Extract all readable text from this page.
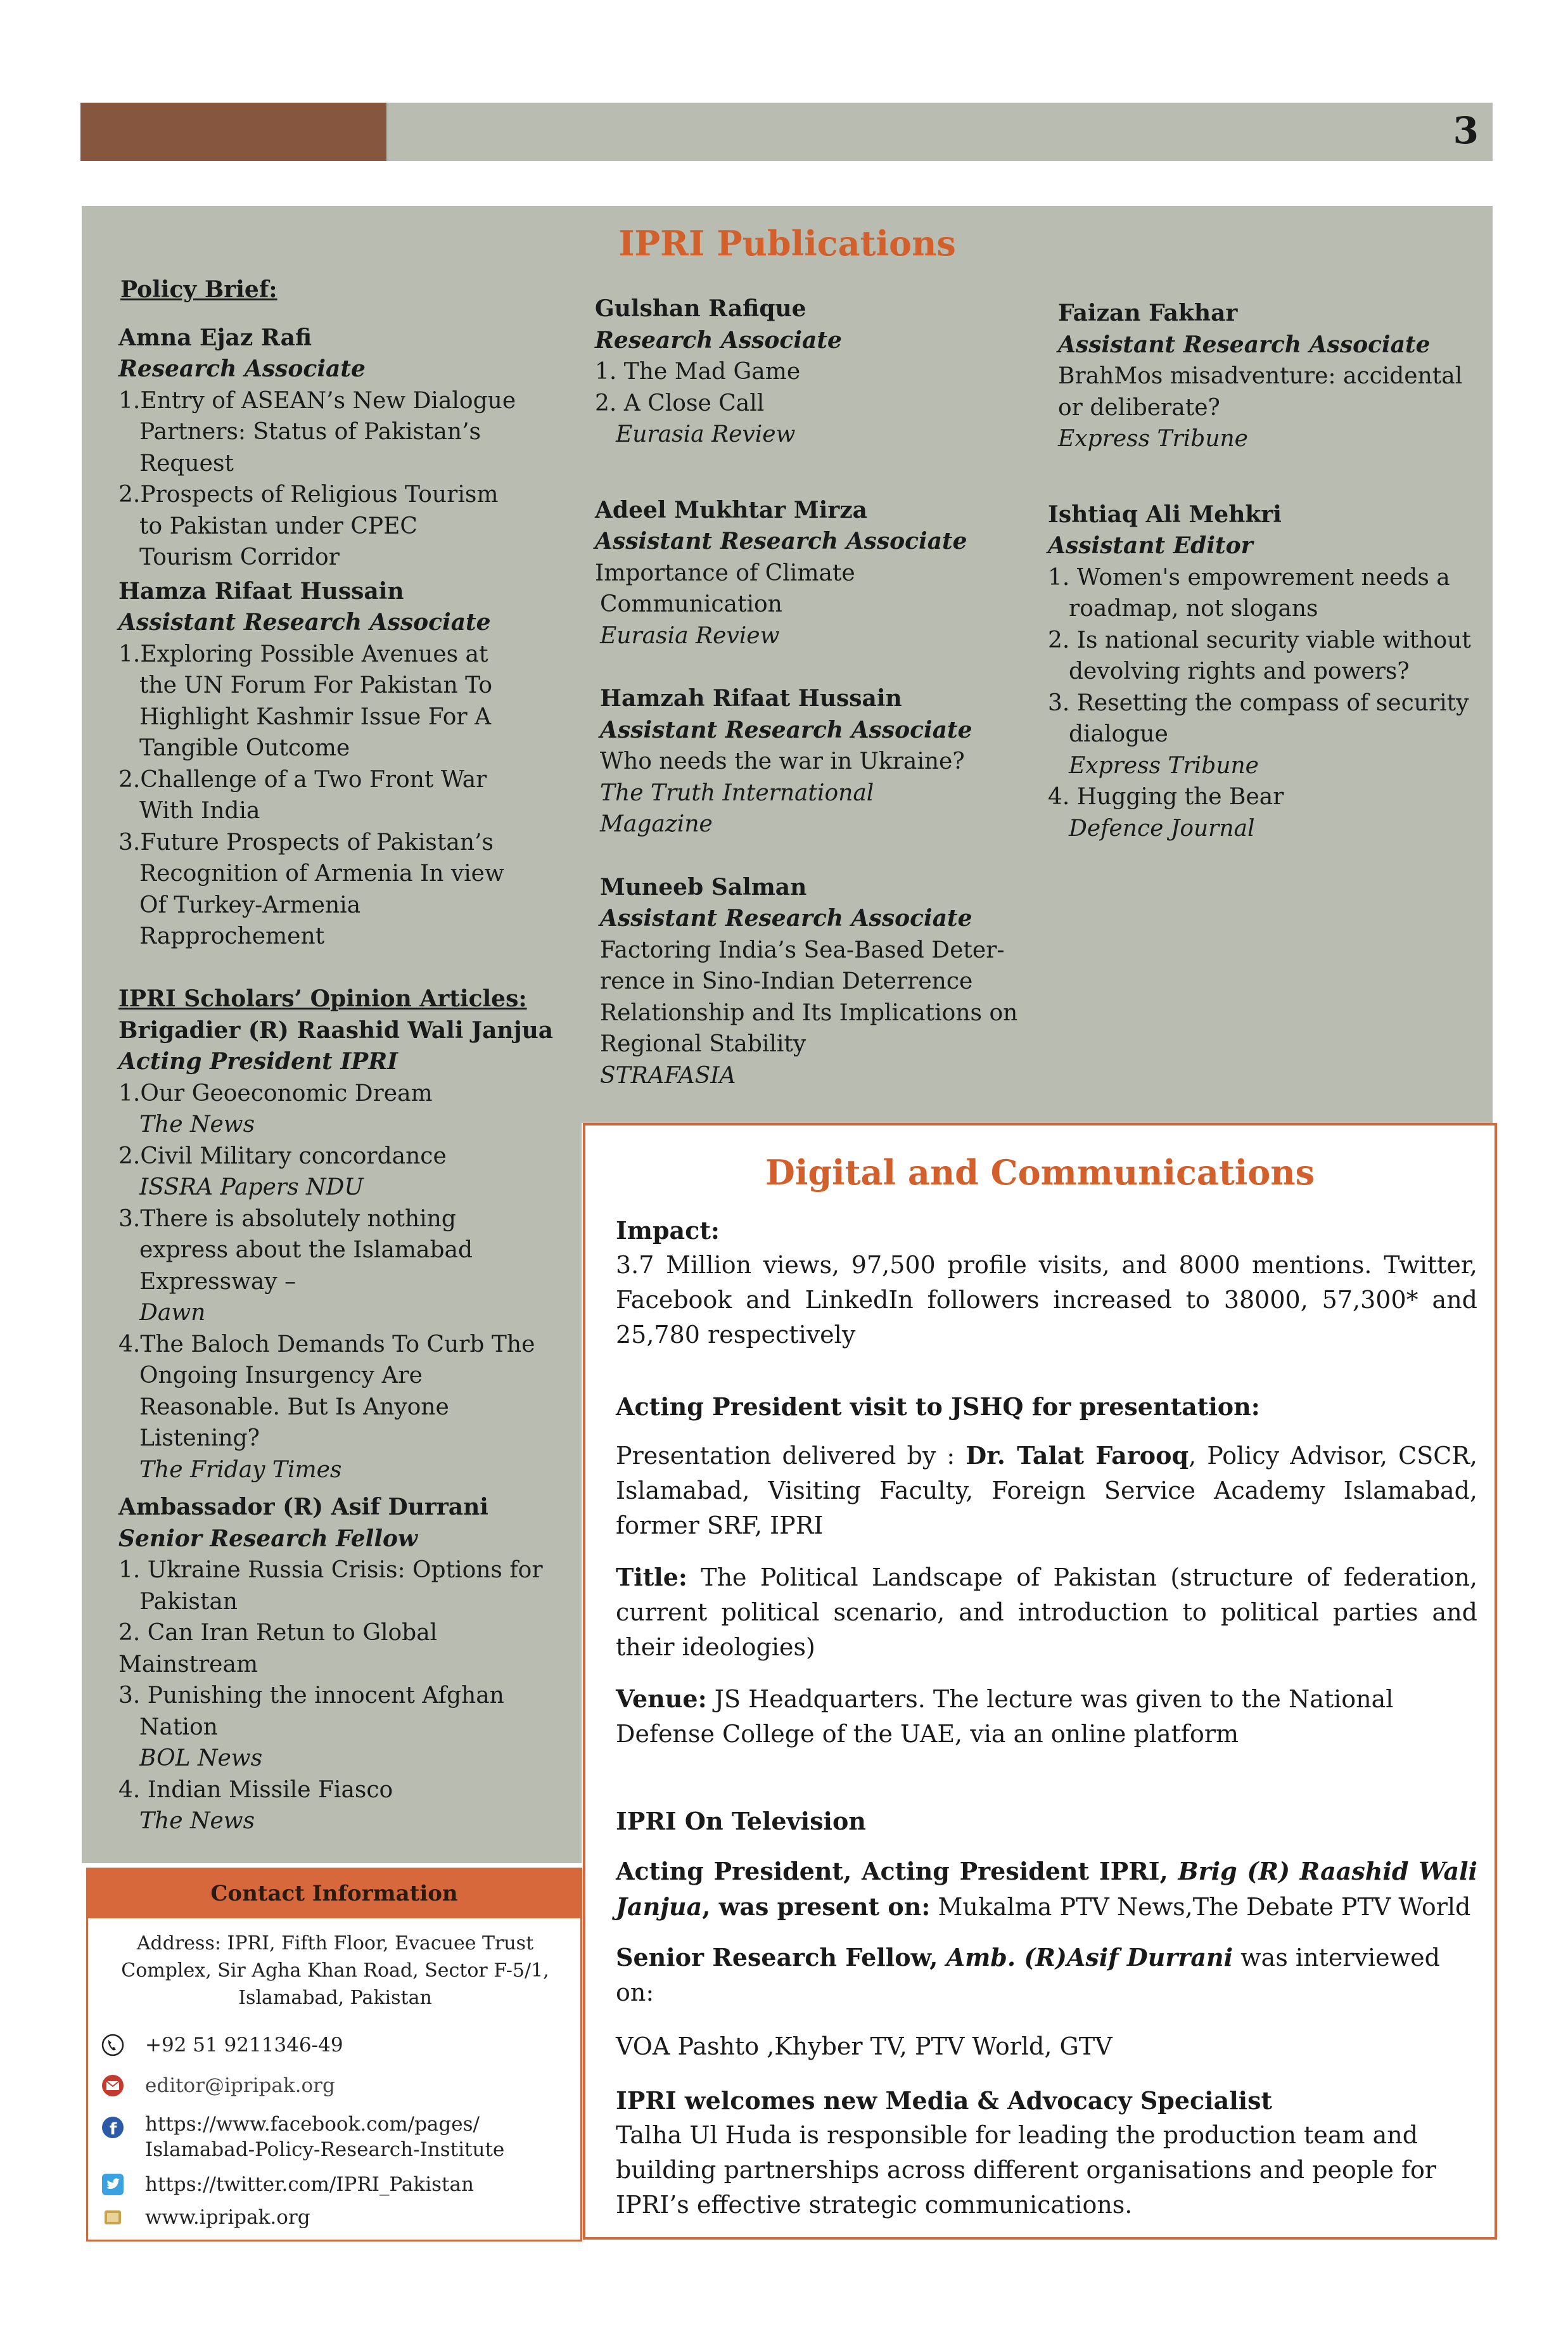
3
IPRI Publications
Policy Brief:
Amna Ejaz Rafi
Research Associate
1.Entry of ASEAN’s New Dialogue
Partners: Status of Pakistan’s
Request
2.Prospects of Religious Tourism
to Pakistan under CPEC
Tourism Corridor
Hamza Rifaat Hussain
Assistant Research Associate
1.Exploring Possible Avenues at
the UN Forum For Pakistan To
Highlight Kashmir Issue For A
Tangible Outcome
2.Challenge of a Two Front War
With India
3.Future Prospects of Pakistan’s
Recognition of Armenia In view
Of Turkey-Armenia
Rapprochement
IPRI Scholars’ Opinion Articles:
Brigadier (R) Raashid Wali Janjua
Acting President IPRI
1.Our Geoeconomic Dream
The News
2.Civil Military concordance
ISSRA Papers NDU
3.There is absolutely nothing
express about the Islamabad
Expressway –
Dawn
4.The Baloch Demands To Curb The
Ongoing Insurgency Are
Reasonable. But Is Anyone
Listening?
The Friday Times
Ambassador (R) Asif Durrani
Senior Research Fellow
1. Ukraine Russia Crisis: Options for
Pakistan
2. Can Iran Retun to Global Mainstream
3. Punishing the innocent Afghan
Nation
BOL News
4. Indian Missile Fiasco
The News
Gulshan Rafique
Research Associate
1. The Mad Game
2. A Close Call
Eurasia Review
Adeel Mukhtar Mirza
Assistant Research Associate
Importance of Climate
Communication
Eurasia Review
Hamzah Rifaat Hussain
Assistant Research Associate
Who needs the war in Ukraine?
The Truth International
Magazine
Muneeb Salman
Assistant Research Associate
Factoring India’s Sea-Based Deter-
rence in Sino-Indian Deterrence
Relationship and Its Implications on
Regional Stability
STRAFASIA
Faizan Fakhar
Assistant Research Associate
BrahMos misadventure: accidental
or deliberate?
Express Tribune
Ishtiaq Ali Mehkri
Assistant Editor
1. Women's empowrement needs a
roadmap, not slogans
2. Is national security viable without
devolving rights and powers?
3. Resetting the compass of security
dialogue
Express Tribune
4. Hugging the Bear
Defence Journal
Contact Information
Address: IPRI, Fifth Floor, Evacuee Trust
Complex, Sir Agha Khan Road, Sector F-5/1,
Islamabad, Pakistan
+92 51 9211346-49
editor@ipripak.org
f https://www.facebook.com/pages/
Islamabad-Policy-Research-Institute
https://twitter.com/IPRI_Pakistan
www.ipripak.org
Digital and Communications

Impact:

3.7 Million views, 97,500 profile visits, and 8000 mentions. Twitter, Facebook and LinkedIn followers increased to 38000, 57,300* and 25,780 respectively

Acting President visit to JSHQ for presentation:

Presentation delivered by : Dr. Talat Farooq, Policy Advisor, CSCR, Islamabad, Visiting Faculty, Foreign Service Academy Islamabad, former SRF, IPRI

Title: The Political Landscape of Pakistan (structure of federation, current political scenario, and introduction to political parties and their ideologies)

Venue: JS Headquarters. The lecture was given to the National Defense College of the UAE, via an online platform

IPRI On Television

Acting President, Acting President IPRI, Brig (R) Raashid Wali Janjua, was present on: Mukalma PTV News,The Debate PTV World

Senior Research Fellow, Amb. (R)Asif Durrani was interviewed on:

VOA Pashto ,Khyber TV, PTV World, GTV

IPRI welcomes new Media & Advocacy Specialist

Talha Ul Huda is responsible for leading the production team and building partnerships across different organisations and people for IPRI’s effective strategic communications.
